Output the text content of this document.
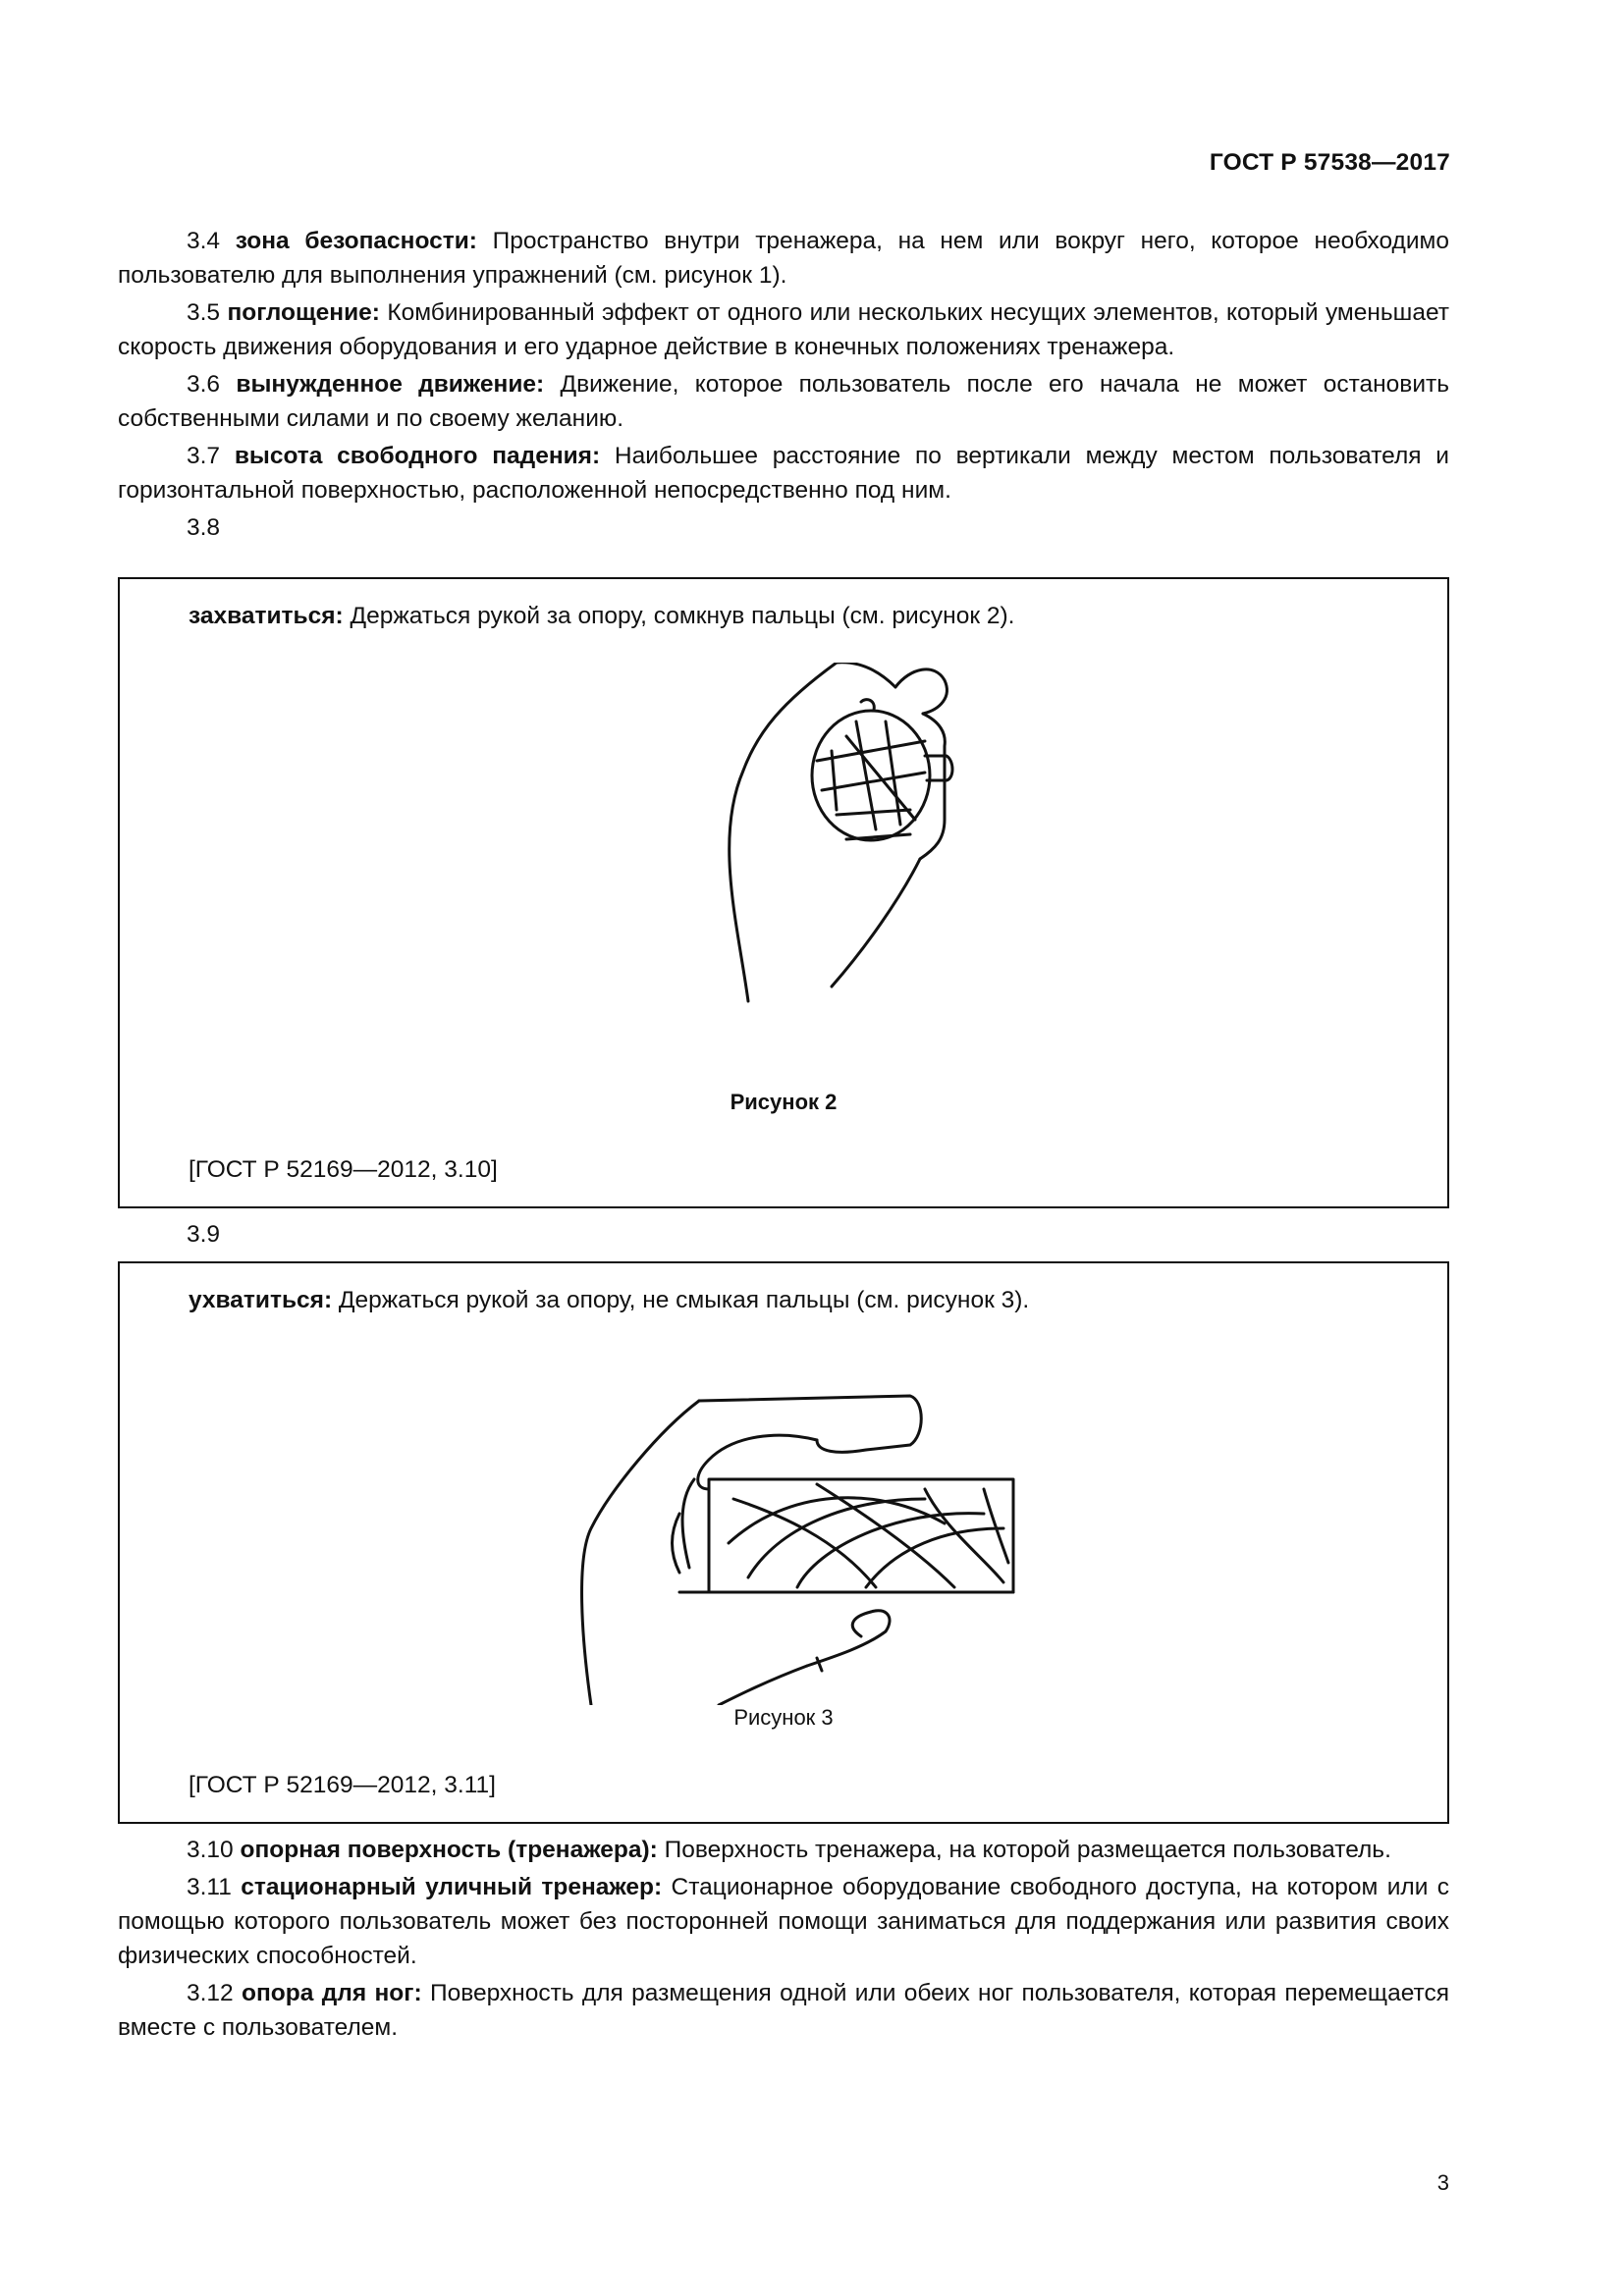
ГОСТ Р 57538—2017

3.4 зона безопасности: Пространство внутри тренажера, на нем или вокруг него, которое необходимо пользователю для выполнения упражнений (см. рисунок 1).

3.5 поглощение: Комбинированный эффект от одного или нескольких несущих элементов, который уменьшает скорость движения оборудования и его ударное действие в конечных положениях тренажера.

3.6 вынужденное движение: Движение, которое пользователь после его начала не может остановить собственными силами и по своему желанию.

3.7 высота свободного падения: Наибольшее расстояние по вертикали между местом пользователя и горизонтальной поверхностью, расположенной непосредственно под ним.

3.8
захватиться: Держаться рукой за опору, сомкнув пальцы (см. рисунок 2).
Рисунок 2
[ГОСТ Р 52169—2012, 3.10]
3.9
ухватиться: Держаться рукой за опору, не смыкая пальцы (см. рисунок 3).
Рисунок 3
[ГОСТ Р 52169—2012, 3.11]

3.10 опорная поверхность (тренажера): Поверхность тренажера, на которой размещается пользователь.

3.11 стационарный уличный тренажер: Стационарное оборудование свободного доступа, на котором или с помощью которого пользователь может без посторонней помощи заниматься для поддержания или развития своих физических способностей.

3.12 опора для ног: Поверхность для размещения одной или обеих ног пользователя, которая перемещается вместе с пользователем.

3
